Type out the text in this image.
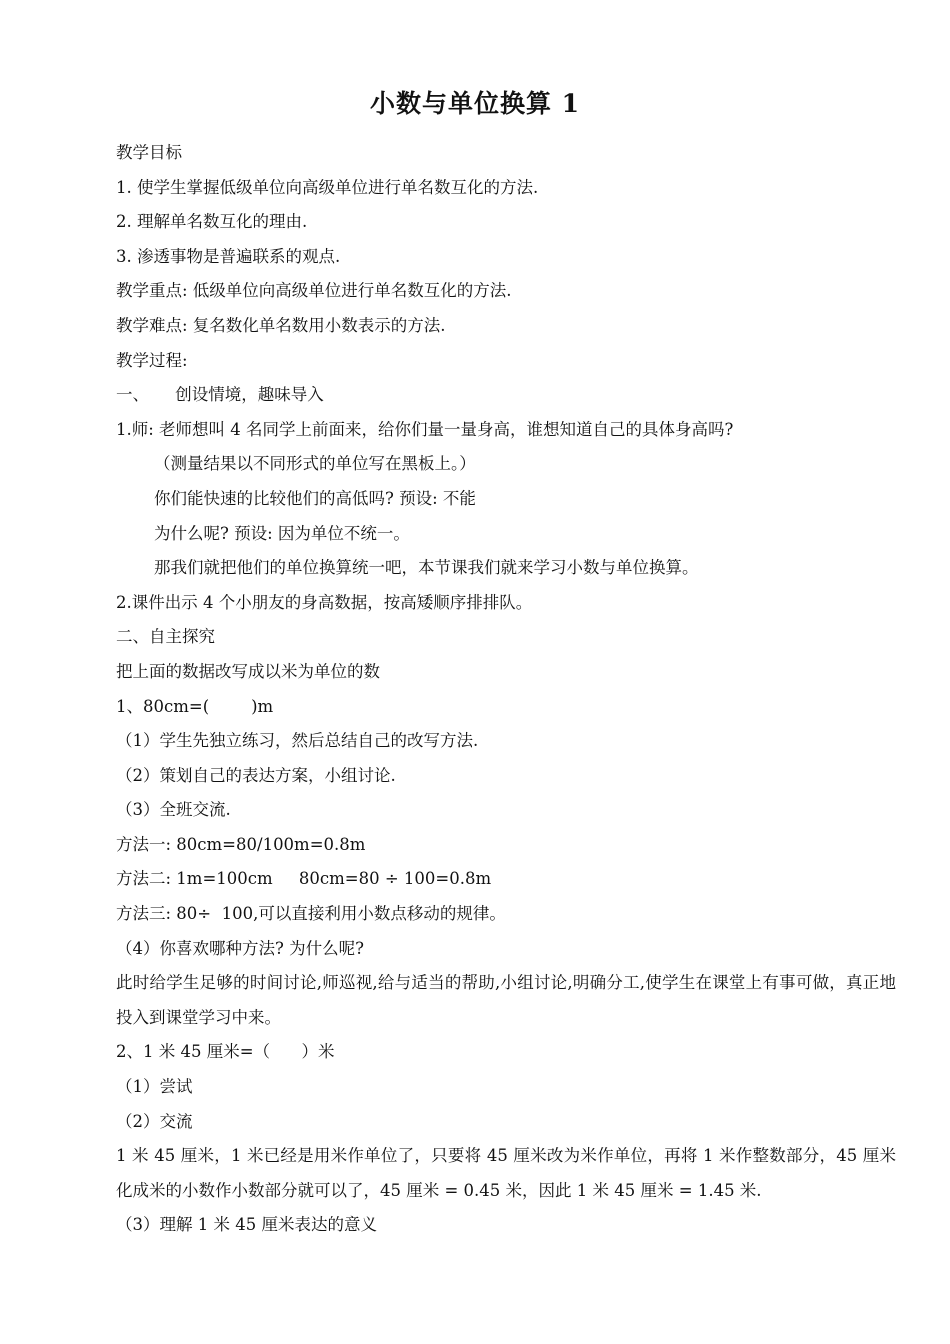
小数与单位换算 1

教学目标

1. 使学生掌握低级单位向高级单位进行单名数互化的方法.

2. 理解单名数互化的理由.

3. 渗透事物是普遍联系的观点.

教学重点: 低级单位向高级单位进行单名数互化的方法.

教学难点: 复名数化单名数用小数表示的方法.

教学过程:

一、     创设情境，趣味导入

1.师: 老师想叫 4 名同学上前面来，给你们量一量身高，谁想知道自己的具体身高吗?

（测量结果以不同形式的单位写在黑板上。）

你们能快速的比较他们的高低吗? 预设: 不能

为什么呢? 预设: 因为单位不统一。

那我们就把他们的单位换算统一吧，本节课我们就来学习小数与单位换算。

2.课件出示 4 个小朋友的身高数据，按高矮顺序排排队。

二、自主探究

把上面的数据改写成以米为单位的数

1、80cm=(        )m

（1）学生先独立练习，然后总结自己的改写方法.

（2）策划自己的表达方案，小组讨论.

（3）全班交流.

方法一: 80cm=80/100m=0.8m

方法二: 1m=100cm     80cm=80 ÷ 100=0.8m

方法三: 80÷  100,可以直接利用小数点移动的规律。

（4）你喜欢哪种方法? 为什么呢?

此时给学生足够的时间讨论,师巡视,给与适当的帮助,小组讨论,明确分工,使学生在课堂上有事可做，真正地投入到课堂学习中来。

2、1 米 45 厘米=（      ）米

（1）尝试

（2）交流

1 米 45 厘米，1 米已经是用米作单位了，只要将 45 厘米改为米作单位，再将 1 米作整数部分，45 厘米化成米的小数作小数部分就可以了，45 厘米 = 0.45 米，因此 1 米 45 厘米 = 1.45 米.

（3）理解 1 米 45 厘米表达的意义
